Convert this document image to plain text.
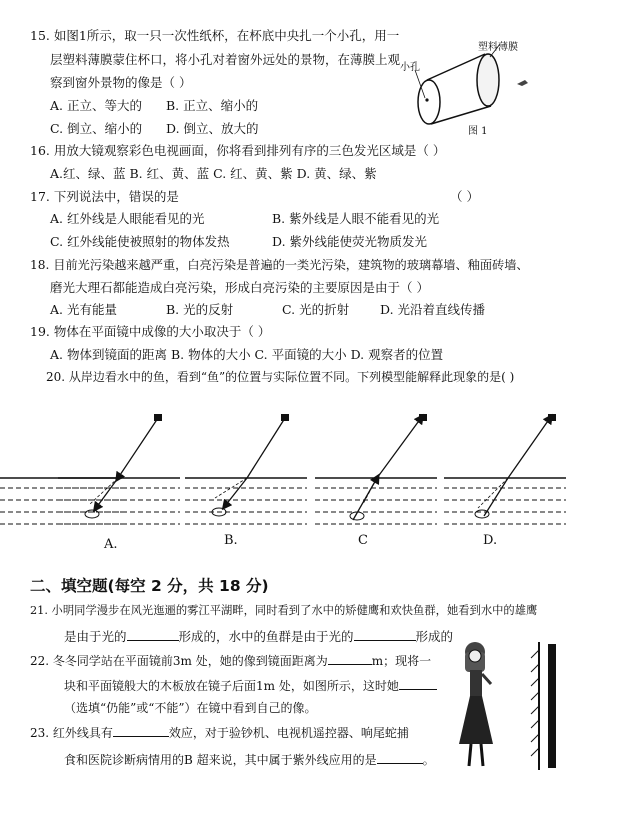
15. 如图1所示，取一只一次性纸杯，在杯底中央扎一个小孔，用一
层塑料薄膜蒙住杯口，将小孔对着窗外远处的景物，在薄膜上观
察到窗外景物的像是（ ）
A. 正立、等大的 B. 正立、缩小的
C. 倒立、缩小的 D. 倒立、放大的
塑料薄膜
小孔
图 1
16. 用放大镜观察彩色电视画面，你将看到排列有序的三色发光区域是（ ）
A.红、绿、蓝 B. 红、黄、蓝 C. 红、黄、紫 D. 黄、绿、紫
17. 下列说法中，错误的是	（ ）
A. 红外线是人眼能看见的光	B. 紫外线是人眼不能看见的光
C. 红外线能使被照射的物体发热	D. 紫外线能使荧光物质发光
18. 目前光污染越来越严重，白亮污染是普遍的一类光污染，建筑物的玻璃幕墙、釉面砖墙、
磨光大理石都能造成白亮污染，形成白亮污染的主要原因是由于（ ）
A. 光有能量	B. 光的反射	C. 光的折射 D. 光沿着直线传播
19. 物体在平面镜中成像的大小取决于（ ）
A. 物体到镜面的距离 B. 物体的大小 C. 平面镜的大小 D. 观察者的位置
20. 从岸边看水中的鱼，看到“鱼”的位置与实际位置不同。下列模型能解释此现象的是( )
A.	B.	C	D.
二、填空题(每空 2 分，共 18 分)
21. 小明同学漫步在风光迤逦的雾江平湖畔，同时看到了水中的矫健鹰和欢快鱼群，她看到水中的雄鹰
是由于光的	形成的，水中的鱼群是由于光的	形成的
22. 冬冬同学站在平面镜前3m 处，她的像到镜面距离为	m；现将一
块和平面镜般大的木板放在镜子后面1m 处，如图所示，这时她
（选填“仍能”或“不能”）在镜中看到自己的像。
23. 红外线具有	效应，对于验钞机、电视机遥控器、响尾蛇捕
食和医院诊断病情用的B 超来说，其中属于紫外线应用的是	。
